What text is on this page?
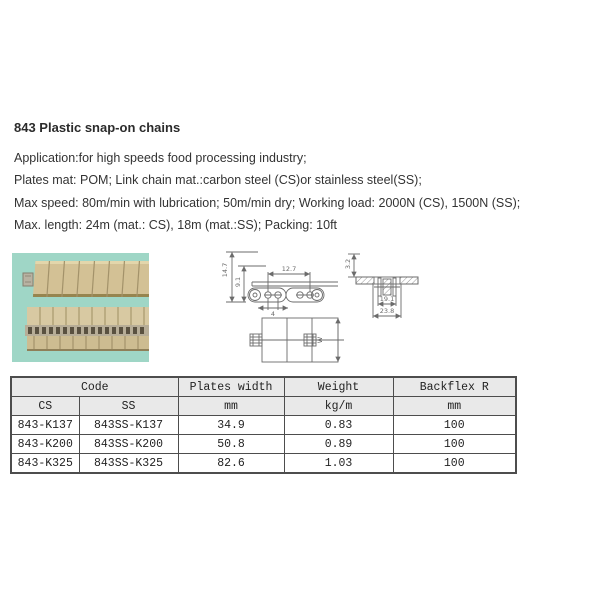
843 Plastic snap-on chains

Application:for high speeds food processing industry;

Plates mat: POM; Link chain mat.:carbon steel (CS)or stainless steel(SS);

Max speed: 80m/min with lubrication; 50m/min dry; Working load: 2000N (CS), 1500N (SS);

Max. length: 24m (mat.: CS), 18m (mat.:SS); Packing: 10ft

14.7
9.1
12.7
4
3.2
19.1
23.8
W
Code		Plates width	Weight	Backflex R
CS	SS	mm	kg/m	mm
843-K137	843SS-K137	34.9	0.83	100
843-K200	843SS-K200	50.8	0.89	100
843-K325	843SS-K325	82.6	1.03	100
